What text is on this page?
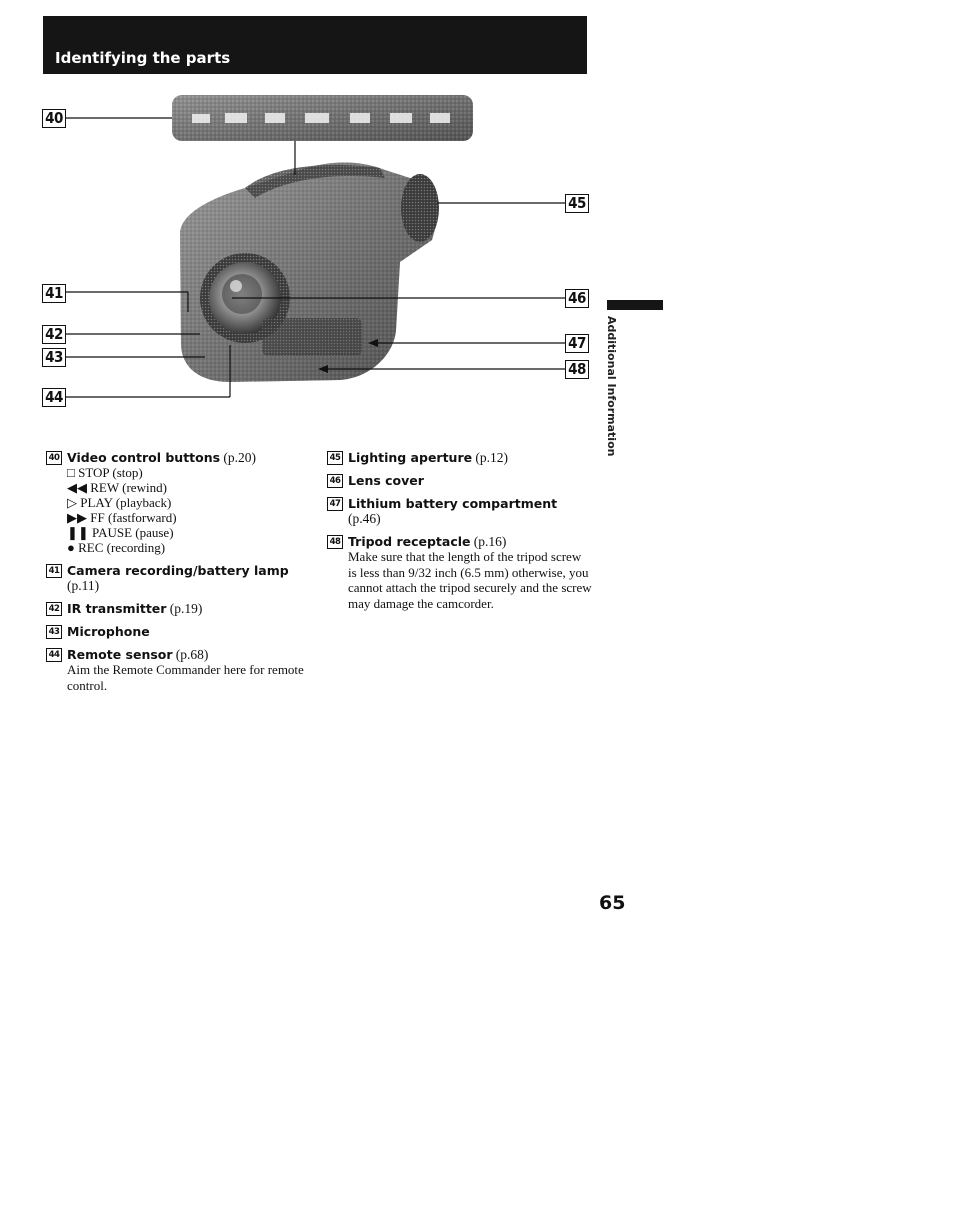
Identifying the parts
40
41
42
43
44
45
46
47
48 Additional Information
40 Video control buttons (p.20)
□ STOP (stop)
◀◀ REW (rewind)
▷ PLAY (playback)
▶▶ FF (fastforward)
❚❚ PAUSE (pause)
● REC (recording)
41 Camera recording/battery lamp (p.11)
42 IR transmitter (p.19)
43 Microphone
44 Remote sensor (p.68)
Aim the Remote Commander here for remote control.
45 Lighting aperture (p.12)
46 Lens cover
47 Lithium battery compartment (p.46)
48 Tripod receptacle (p.16)
Make sure that the length of the tripod screw is less than 9/32 inch (6.5 mm) otherwise, you cannot attach the tripod securely and the screw may damage the camcorder.
65
